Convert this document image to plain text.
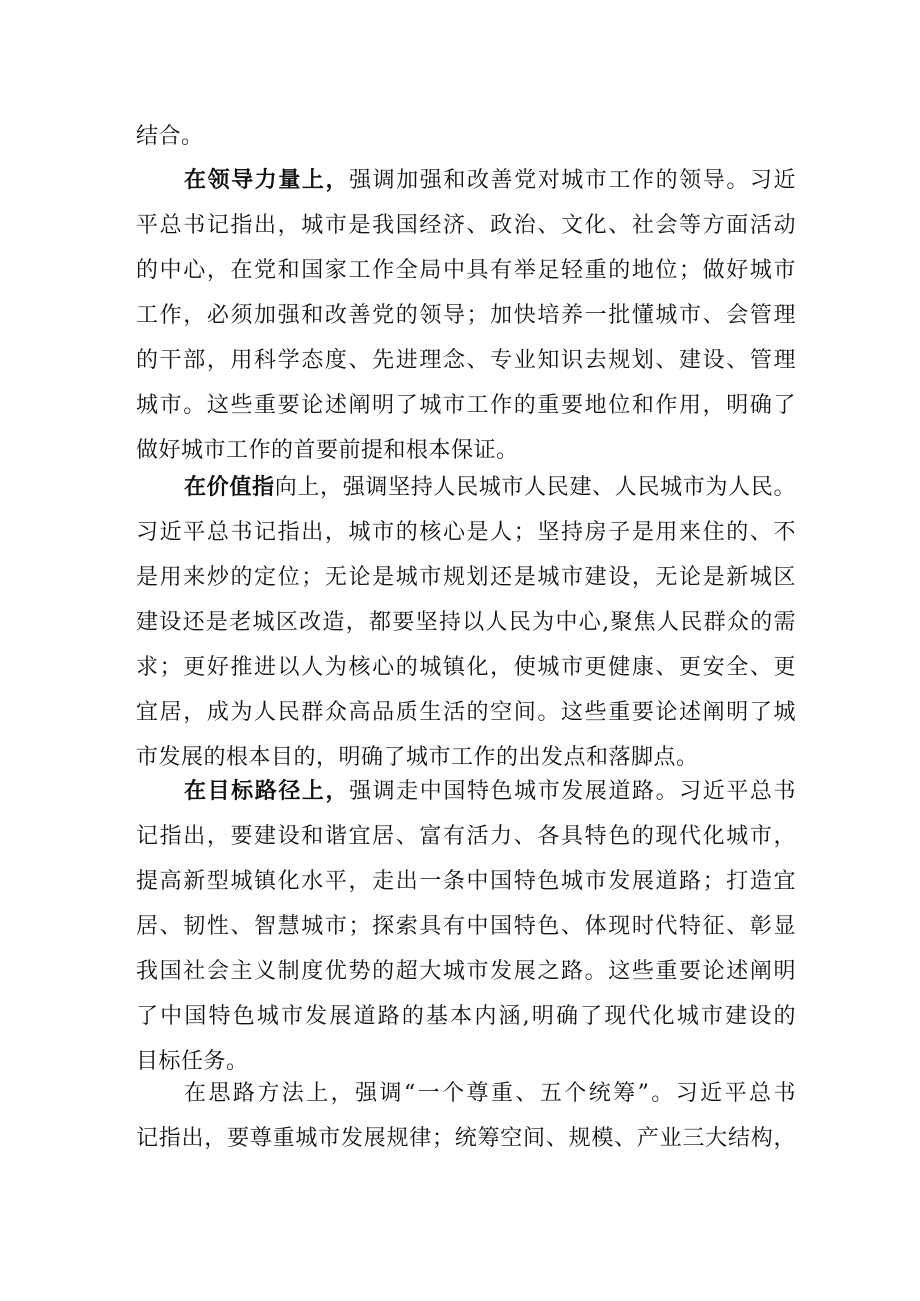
结合。
在领导力量上，强调加强和改善党对城市工作的领导。习近
平总书记指出，城市是我国经济、政治、文化、社会等方面活动
的中心，在党和国家工作全局中具有举足轻重的地位；做好城市
工作，必须加强和改善党的领导；加快培养一批懂城市、会管理
的干部，用科学态度、先进理念、专业知识去规划、建设、管理
城市。这些重要论述阐明了城市工作的重要地位和作用，明确了
做好城市工作的首要前提和根本保证。
在价值指向上，强调坚持人民城市人民建、人民城市为人民。
习近平总书记指出，城市的核心是人；坚持房子是用来住的、不
是用来炒的定位；无论是城市规划还是城市建设，无论是新城区
建设还是老城区改造，都要坚持以人民为中心,聚焦人民群众的需
求；更好推进以人为核心的城镇化，使城市更健康、更安全、更
宜居，成为人民群众高品质生活的空间。这些重要论述阐明了城
市发展的根本目的，明确了城市工作的出发点和落脚点。
在目标路径上，强调走中国特色城市发展道路。习近平总书
记指出，要建设和谐宜居、富有活力、各具特色的现代化城市，
提高新型城镇化水平，走出一条中国特色城市发展道路；打造宜
居、韧性、智慧城市；探索具有中国特色、体现时代特征、彰显
我国社会主义制度优势的超大城市发展之路。这些重要论述阐明
了中国特色城市发展道路的基本内涵,明确了现代化城市建设的
目标任务。
在思路方法上，强调“一个尊重、五个统筹”。习近平总书
记指出，要尊重城市发展规律；统筹空间、规模、产业三大结构，
